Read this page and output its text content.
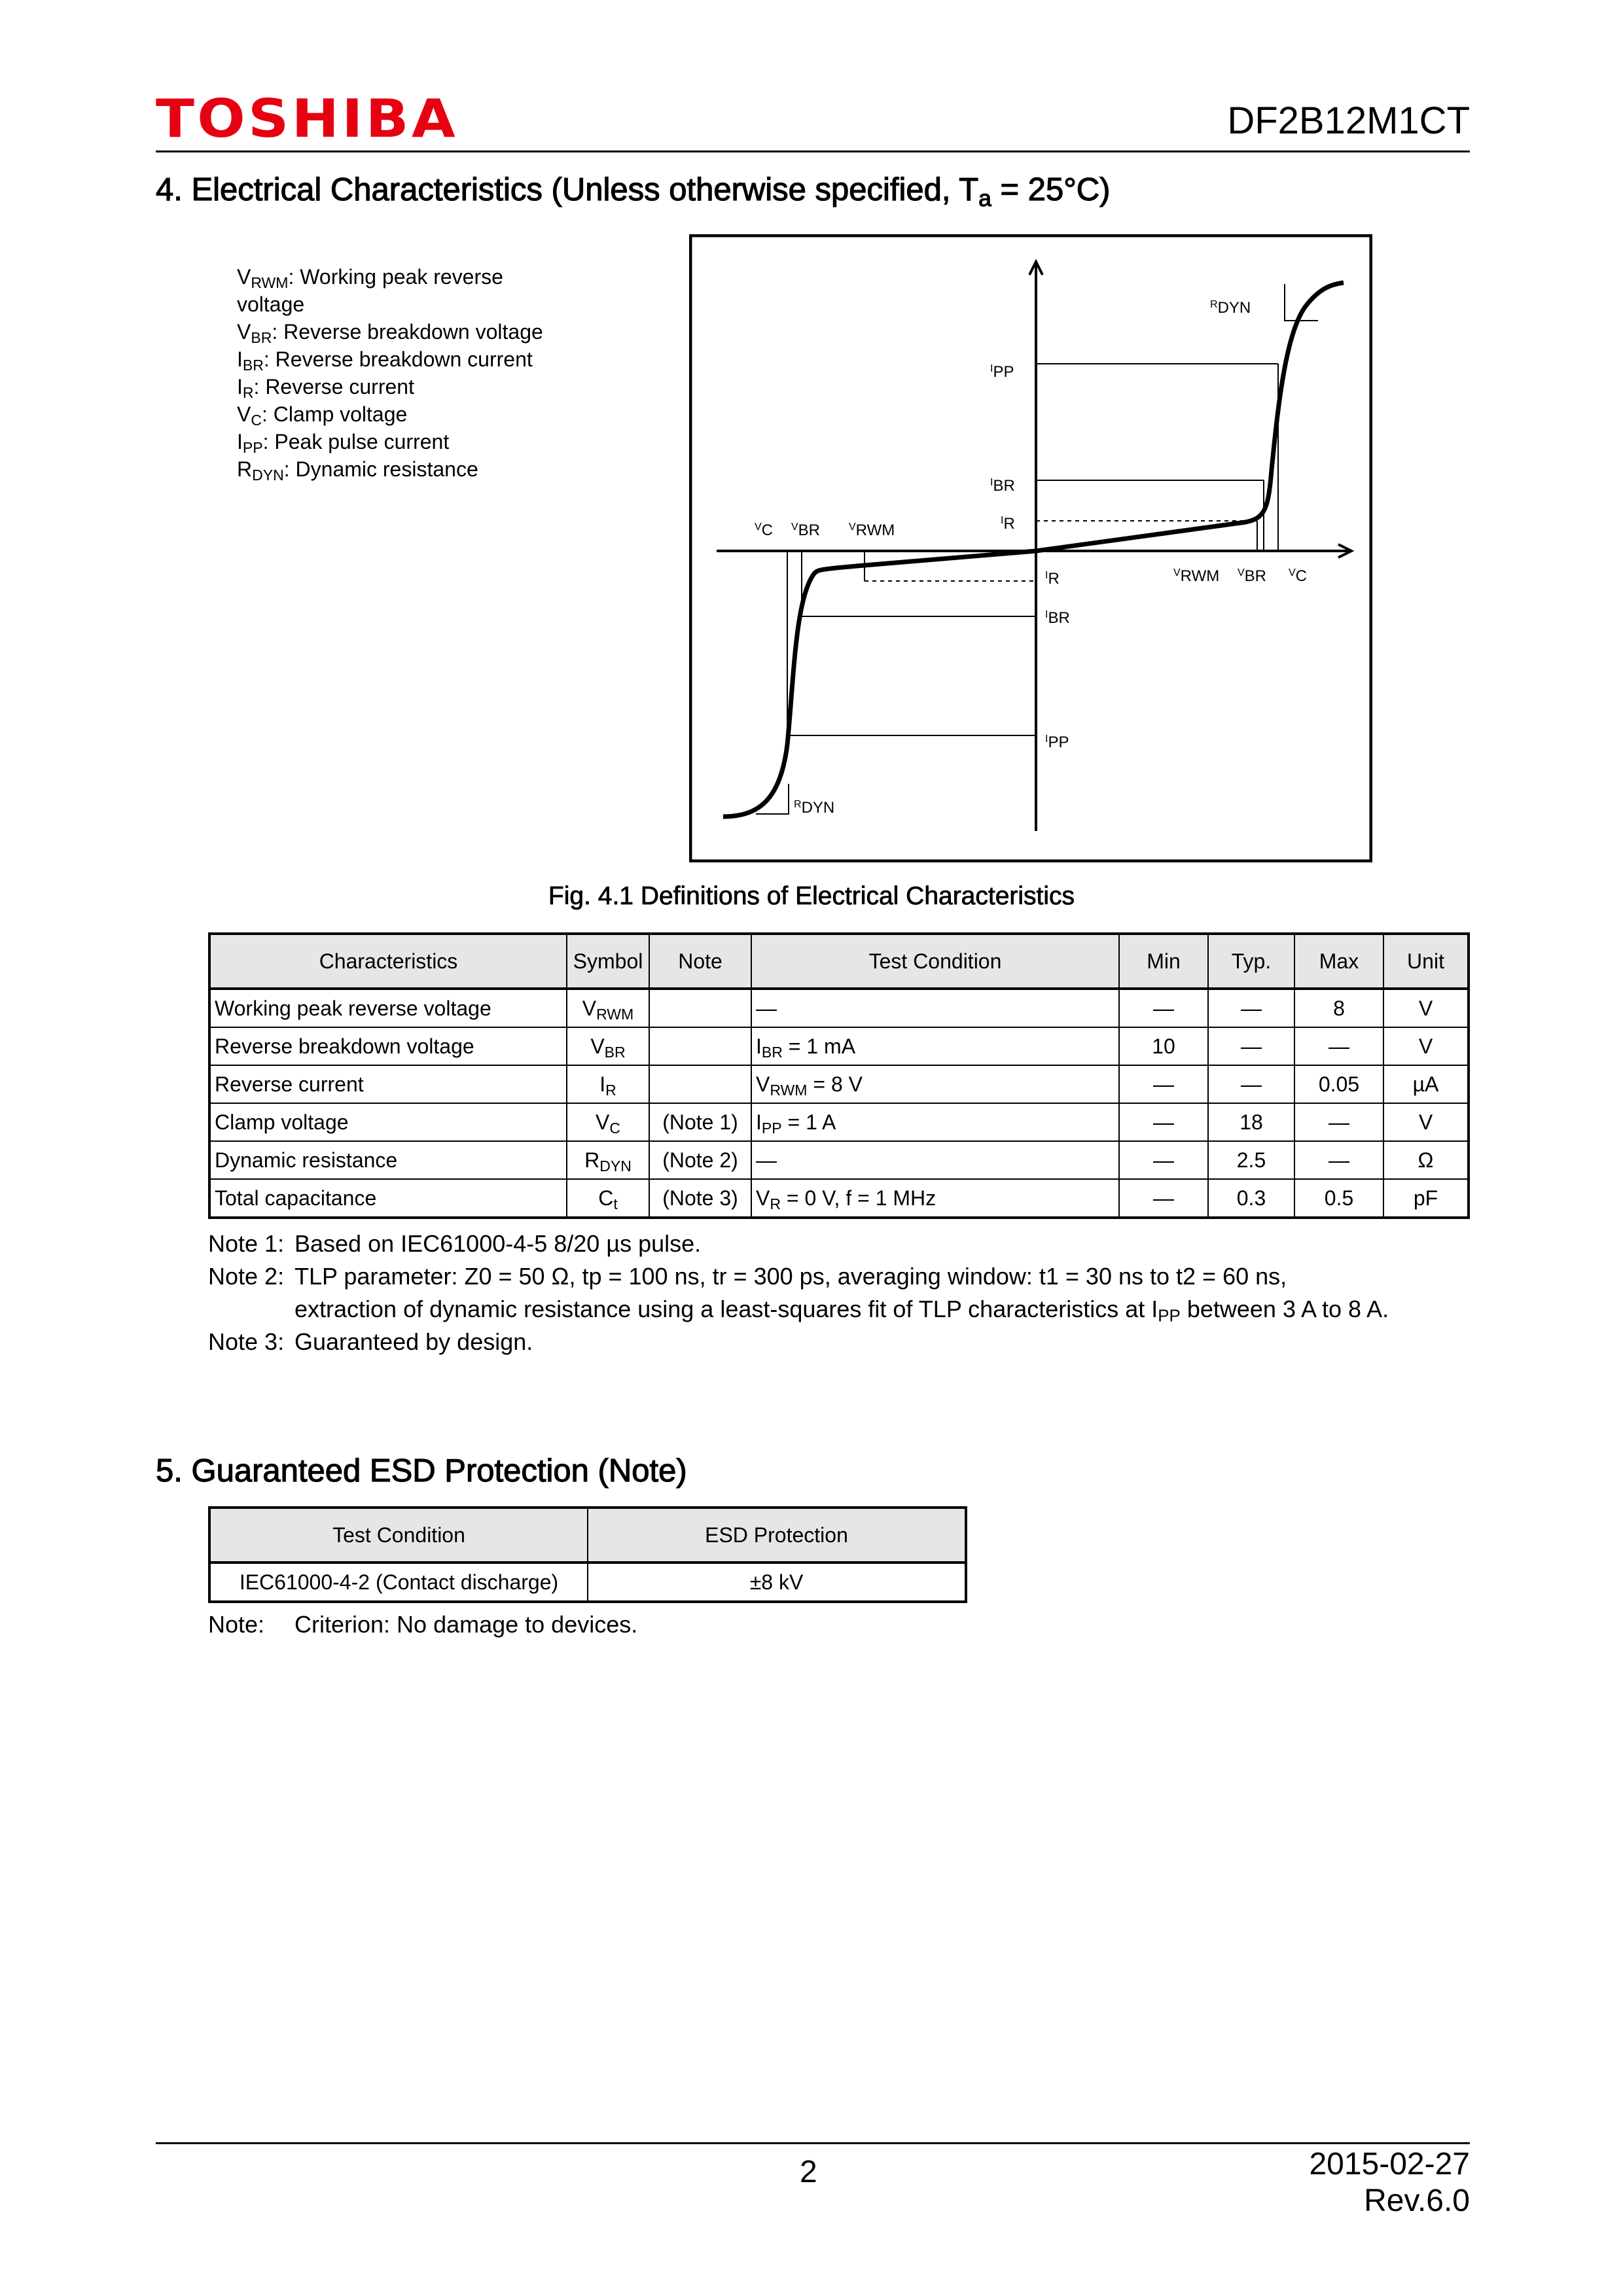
TOSHIBA	DF2B12M1CT
4. Electrical Characteristics (Unless otherwise specified, $T_a = 25^\circ C$)
$V_{RWM}$: Working peak reverse
voltage
$V_{BR}$: Reverse breakdown voltage
$I_{BR}$: Reverse breakdown current
$I_R$: Reverse current
$V_C$: Clamp voltage
$I_{PP}$: Peak pulse current
$R_{DYN}$: Dynamic resistance
RDYN
IPP
IBR
IR
VC VBR	VRWM
IR	VRWM VBR VC
IBR
IPP
RDYN
Fig. 4.1 Definitions of Electrical Characteristics
Characteristics	Symbol	Note	Test Condition	Min	Typ.	Max	Unit
Working peak reverse voltage	$V_{RWM}$		—	—	—	8	V
Reverse breakdown voltage	$V_{BR}$		$I_{BR} = 1$ mA	10	—	—	V
Reverse current	$I_R$		$V_{RWM} = 8$ V	—	—	0.05	µA
Clamp voltage	$V_C$	(Note 1)	$I_{PP} = 1$ A	—	18	—	V
Dynamic resistance	$R_{DYN}$	(Note 2)	—	—	2.5	—	Ω
Total capacitance	$C_t$	(Note 3)	$V_R = 0$ V, f = 1 MHz	—	0.3	0.5	pF
Note 1: Based on IEC61000-4-5 8/20 µs pulse.
Note 2: TLP parameter: Z0 = 50 Ω, tp = 100 ns, tr = 300 ps, averaging window: t1 = 30 ns to t2 = 60 ns,
extraction of dynamic resistance using a least-squares fit of TLP characteristics at $I_{PP}$ between 3 A to 8 A.
Note 3: Guaranteed by design.
5. Guaranteed ESD Protection (Note)
Test Condition	ESD Protection
IEC61000-4-2 (Contact discharge)	±8 kV
Note:	Criterion: No damage to devices.
2	2015-02-27
Rev.6.0
